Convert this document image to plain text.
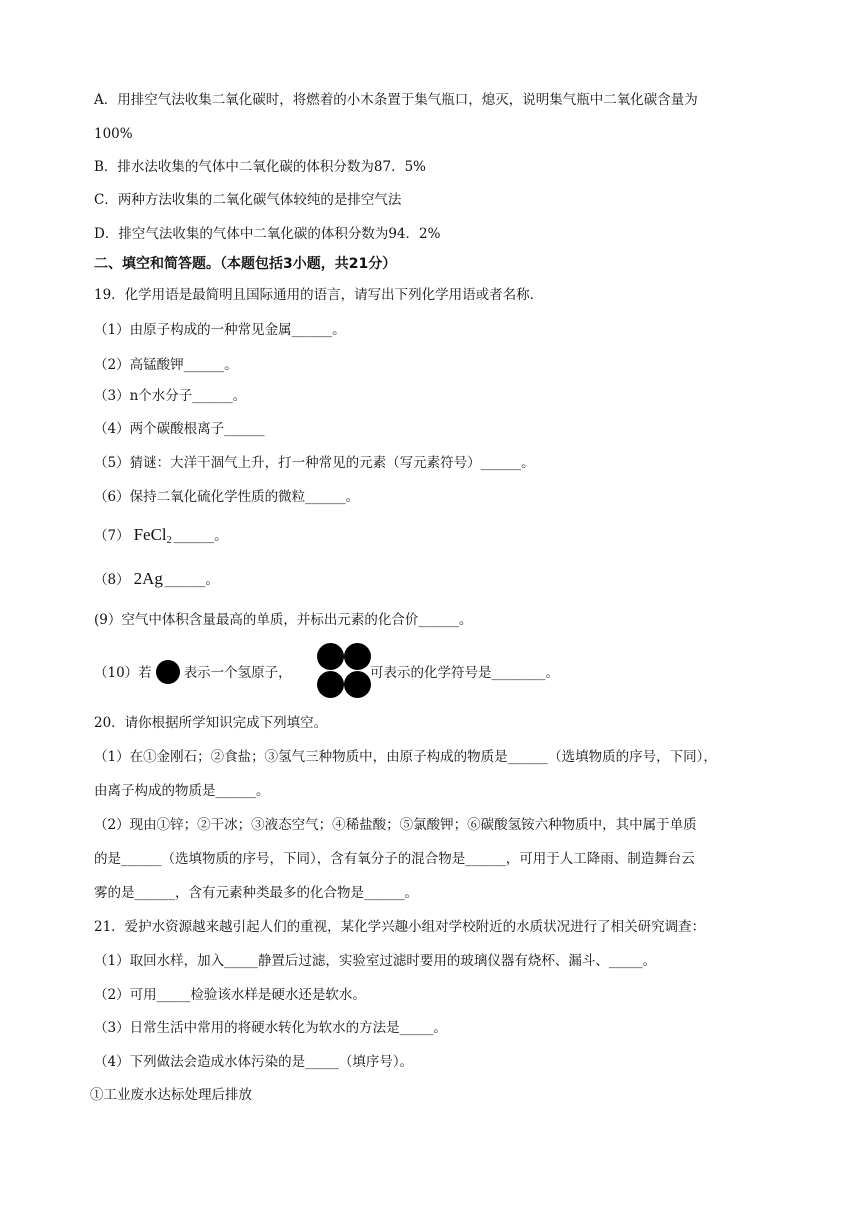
A．用排空气法收集二氧化碳时，将燃着的小木条置于集气瓶口，熄灭，说明集气瓶中二氧化碳含量为
100%
B．排水法收集的气体中二氧化碳的体积分数为87．5%
C．两种方法收集的二氧化碳气体较纯的是排空气法
D．排空气法收集的气体中二氧化碳的体积分数为94．2%
二、填空和简答题。（本题包括3小题，共21分）
19．化学用语是最简明且国际通用的语言，请写出下列化学用语或者名称．
（1）由原子构成的一种常见金属______。
（2）高锰酸钾______。
（3）n个水分子______。
（4）两个碳酸根离子______
（5）猜谜：大洋干涸气上升，打一种常见的元素（写元素符号）______。
（6）保持二氧化硫化学性质的微粒______。
（7） FeCl$_2$ ______。
（8） 2Ag ______。
(9）空气中体积含量最高的单质，并标出元素的化合价______。
（10）若 表示一个氢原子，	可表示的化学符号是________。
20．请你根据所学知识完成下列填空。
（1）在①金刚石；②食盐；③氢气三种物质中，由原子构成的物质是______（选填物质的序号，下同），
由离子构成的物质是______。
（2）现由①锌；②干冰；③液态空气；④稀盐酸；⑤氯酸钾；⑥碳酸氢铵六种物质中，其中属于单质
的是______（选填物质的序号，下同），含有氧分子的混合物是______，可用于人工降雨、制造舞台云
雾的是______，含有元素种类最多的化合物是______。
21．爱护水资源越来越引起人们的重视，某化学兴趣小组对学校附近的水质状况进行了相关研究调查：
（1）取回水样，加入_____静置后过滤，实验室过滤时要用的玻璃仪器有烧杯、漏斗、_____。
（2）可用_____检验该水样是硬水还是软水。
（3）日常生活中常用的将硬水转化为软水的方法是_____。
（4）下列做法会造成水体污染的是_____（填序号）。
①工业废水达标处理后排放
